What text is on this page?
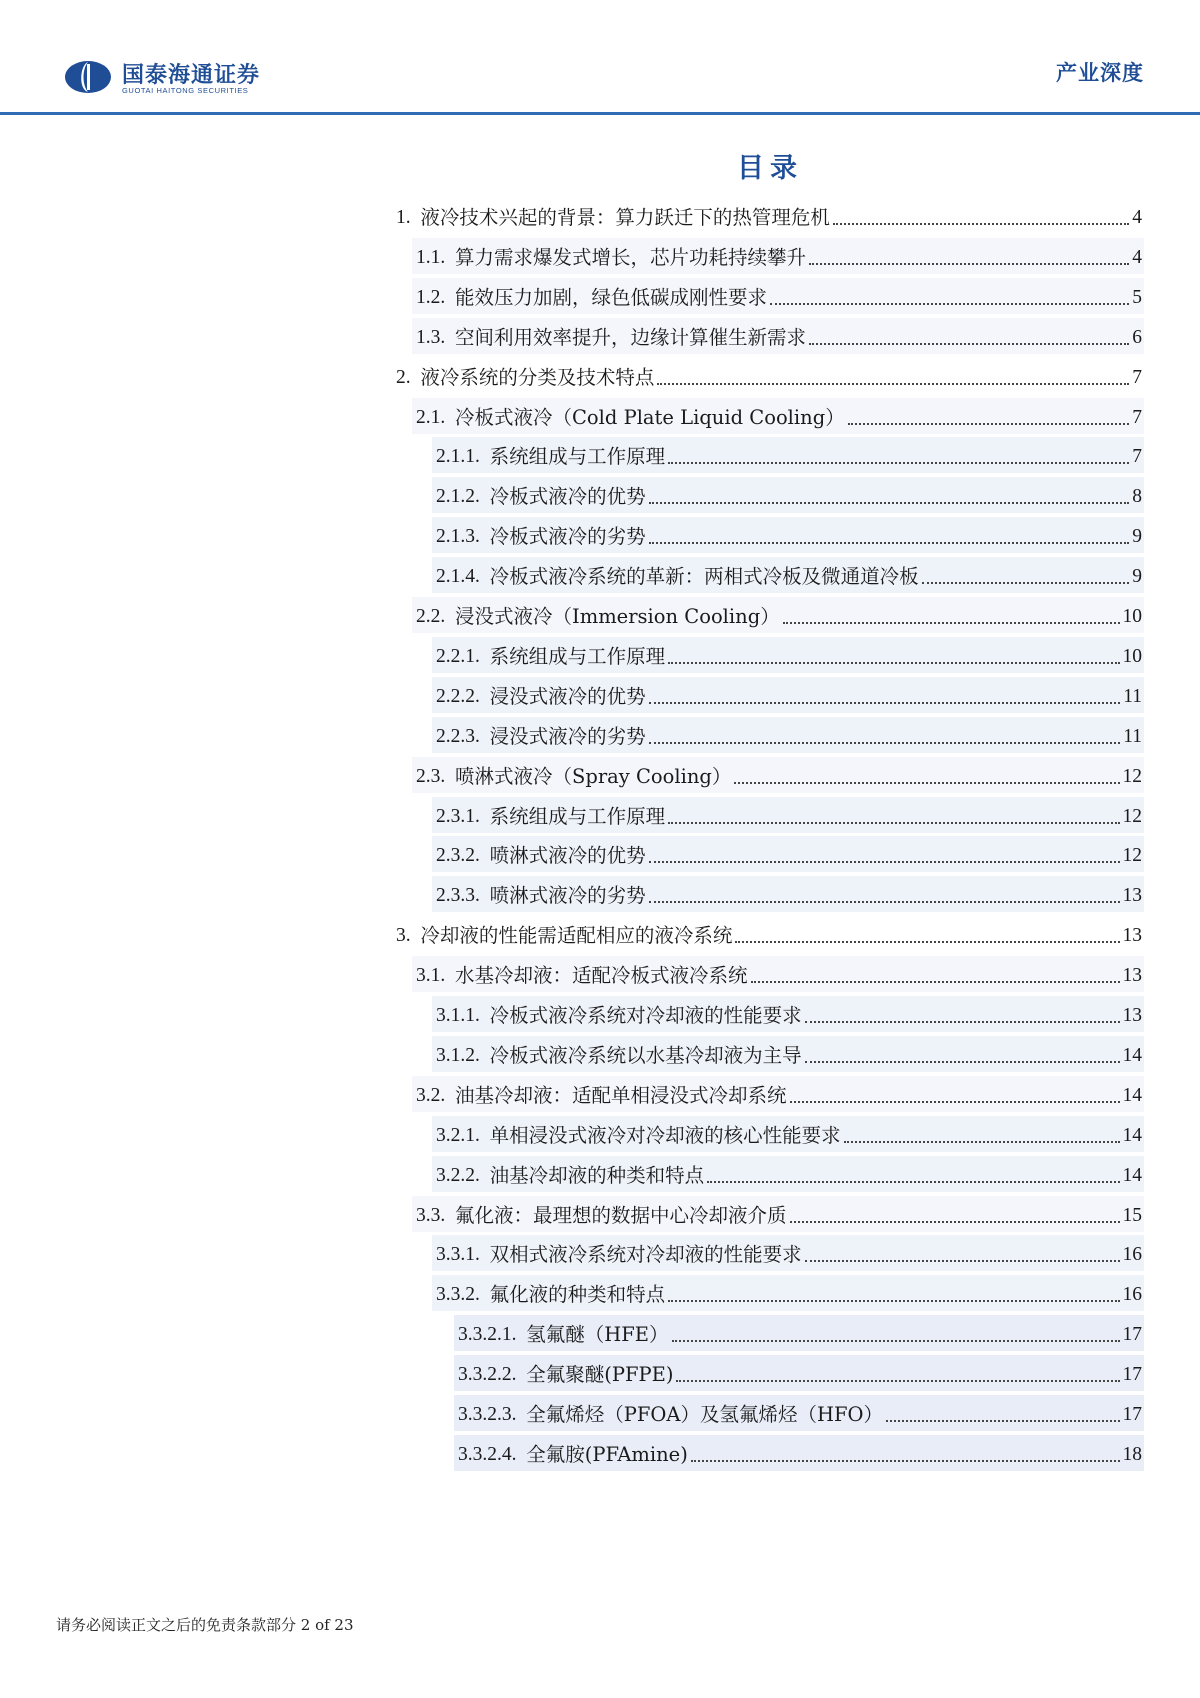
国泰海通证券
GUOTAI HAITONG SECURITIES
产业深度
目录
1. 液冷技术兴起的背景：算力跃迁下的热管理危机	4
1.1. 算力需求爆发式增长，芯片功耗持续攀升	4
1.2. 能效压力加剧，绿色低碳成刚性要求	5
1.3. 空间利用效率提升，边缘计算催生新需求	6
2. 液冷系统的分类及技术特点	7
2.1. 冷板式液冷（Cold Plate Liquid Cooling）	7
2.1.1. 系统组成与工作原理	7
2.1.2. 冷板式液冷的优势	8
2.1.3. 冷板式液冷的劣势	9
2.1.4. 冷板式液冷系统的革新：两相式冷板及微通道冷板	9
2.2. 浸没式液冷（Immersion Cooling）	10
2.2.1. 系统组成与工作原理	10
2.2.2. 浸没式液冷的优势	11
2.2.3. 浸没式液冷的劣势	11
2.3. 喷淋式液冷（Spray Cooling）	12
2.3.1. 系统组成与工作原理	12
2.3.2. 喷淋式液冷的优势	12
2.3.3. 喷淋式液冷的劣势	13
3. 冷却液的性能需适配相应的液冷系统	13
3.1. 水基冷却液：适配冷板式液冷系统	13
3.1.1. 冷板式液冷系统对冷却液的性能要求	13
3.1.2. 冷板式液冷系统以水基冷却液为主导	14
3.2. 油基冷却液：适配单相浸没式冷却系统	14
3.2.1. 单相浸没式液冷对冷却液的核心性能要求	14
3.2.2. 油基冷却液的种类和特点	14
3.3. 氟化液：最理想的数据中心冷却液介质	15
3.3.1. 双相式液冷系统对冷却液的性能要求	16
3.3.2. 氟化液的种类和特点	16
3.3.2.1. 氢氟醚（HFE）	17
3.3.2.2. 全氟聚醚(PFPE)	17
3.3.2.3. 全氟烯烃（PFOA）及氢氟烯烃（HFO）	17
3.3.2.4. 全氟胺(PFAmine)	18
请务必阅读正文之后的免责条款部分 2 of 23
